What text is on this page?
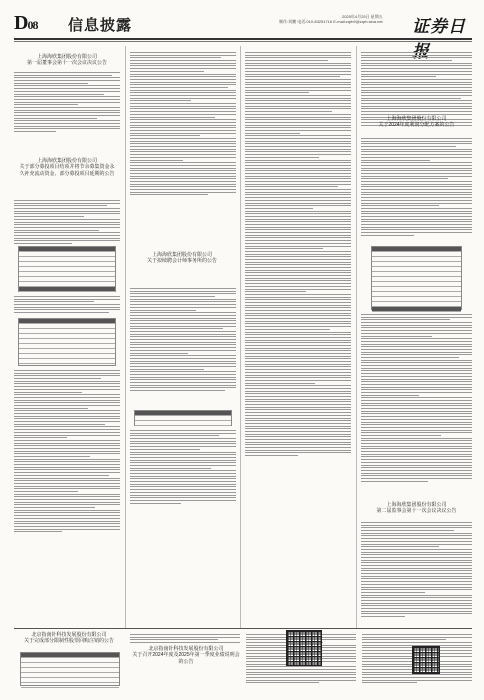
D08 信息披露	2025年4月25日 星期五
制作:刘鹏 电话:010-83251716 E-mail:zqrb9@zqrb.sina.net 证券日
上海海欣集团股份有限公司
第一届董事会第十一次会议决议公告
上海海欣集团股份有限公司

关于部分募投项目结项并将节余募集资金永久补充流动资金、部分募投项目延期的公告
上海海欣集团股份有限公司
关于拟续聘会计师事务所的公告
上海海欣集团股份有限公司
关于2024年度利润分配方案的公告
上海海欣集团股份有限公司
第二届监事会第十一次会议决议公告
北京指南针科技发展股份有限公司
关于完成部分限制性股票回购注销的公告
北京指南针科技发展股份有限公司
关于召开2024年度及2025年第一季度业绩说明会的公告
